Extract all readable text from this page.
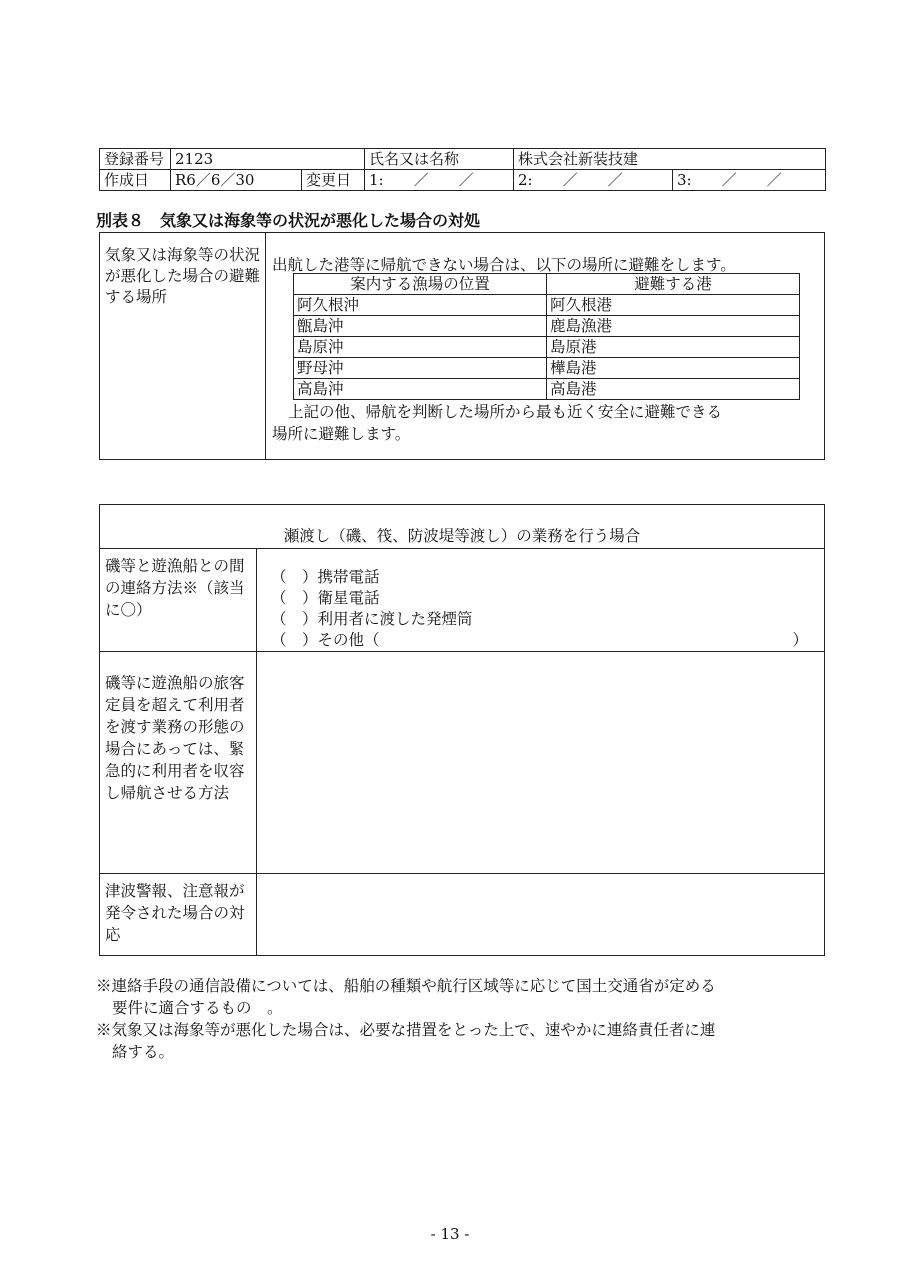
登録番号	2123		氏名又は名称	株式会社新装技建	
作成日	R6／6／30	変更日	1:　　／　　／	2:　　／　　／	3:　　／　　／
別表８　気象又は海象等の状況が悪化した場合の対処
気象又は海象等の状況が悪化した場合の避難する場所
出航した港等に帰航できない場合は、以下の場所に避難をします。
案内する漁場の位置	避難する港
阿久根沖	阿久根港
甑島沖	鹿島漁港
島原沖	島原港
野母沖	樺島港
高島沖	高島港
上記の他、帰航を判断した場所から最も近く安全に避難できる
場所に避難します。
瀬渡し（磯、筏、防波堤等渡し）の業務を行う場合	
磯等と遊漁船との間の連絡方法※（該当に〇）	（　）携帯電話
（　）衛星電話
（　）利用者に渡した発煙筒
（　）その他（ ）

磯等に遊漁船の旅客定員を超えて利用者を渡す業務の形態の場合にあっては、緊急的に利用者を収容し帰航させる方法	
津波警報、注意報が発令された場合の対応	
※連絡手段の通信設備については、船舶の種類や航行区域等に応じて国土交通省が定める
要件に適合するもの　。
※気象又は海象等が悪化した場合は、必要な措置をとった上で、速やかに連絡責任者に連
絡する。
- 13 -
